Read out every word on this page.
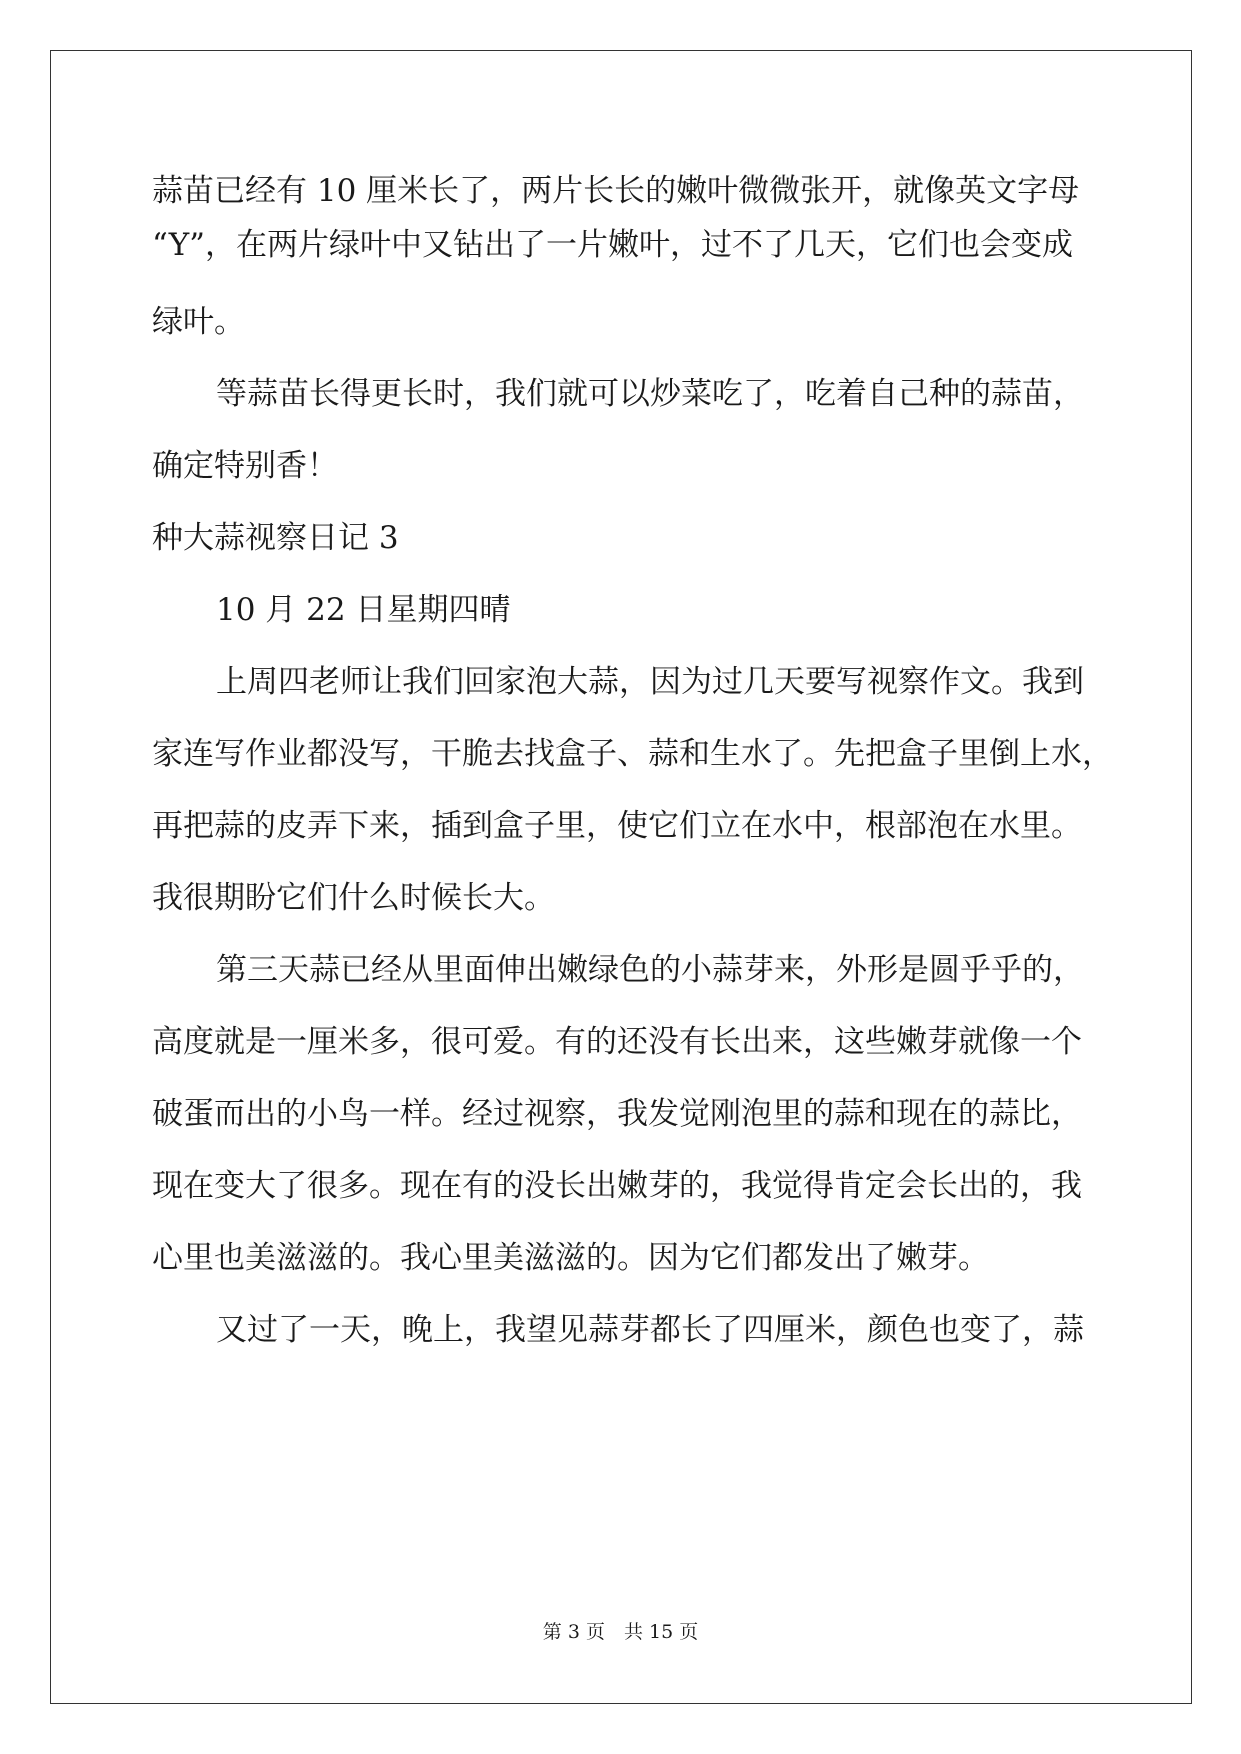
蒜苗已经有 10 厘米长了，两片长长的嫩叶微微张开，就像英文字母
“Y”，在两片绿叶中又钻出了一片嫩叶，过不了几天，它们也会变成
绿叶。
等蒜苗长得更长时，我们就可以炒菜吃了，吃着自己种的蒜苗，
确定特别香！
种大蒜视察日记 3
10 月 22 日星期四晴
上周四老师让我们回家泡大蒜，因为过几天要写视察作文。我到
家连写作业都没写，干脆去找盒子、蒜和生水了。先把盒子里倒上水，
再把蒜的皮弄下来，插到盒子里，使它们立在水中，根部泡在水里。
我很期盼它们什么时候长大。
第三天蒜已经从里面伸出嫩绿色的小蒜芽来，外形是圆乎乎的，
高度就是一厘米多，很可爱。有的还没有长出来，这些嫩芽就像一个
破蛋而出的小鸟一样。经过视察，我发觉刚泡里的蒜和现在的蒜比，
现在变大了很多。现在有的没长出嫩芽的，我觉得肯定会长出的，我
心里也美滋滋的。我心里美滋滋的。因为它们都发出了嫩芽。
又过了一天，晚上，我望见蒜芽都长了四厘米，颜色也变了，蒜
第 3 页　共 15 页
